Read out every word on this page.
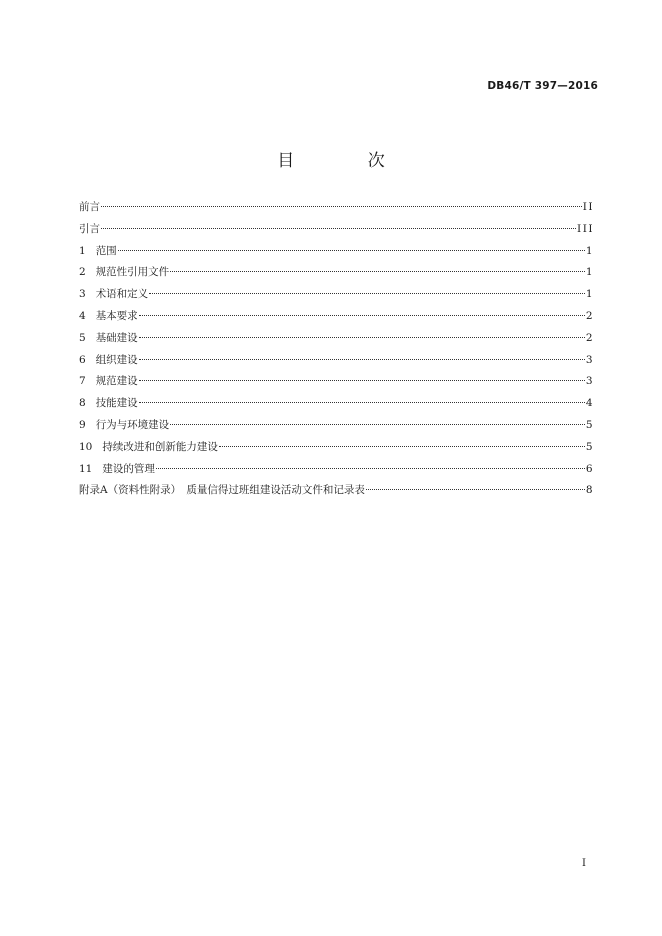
DB46/T 397—2016
目 次
前言	II
引言	III
1 范围	1
2 规范性引用文件	1
3 术语和定义	1
4 基本要求	2
5 基础建设	2
6 组织建设	3
7 规范建设	3
8 技能建设	4
9 行为与环境建设	5
10 持续改进和创新能力建设	5
11 建设的管理	6
附录A（资料性附录）　质量信得过班组建设活动文件和记录表	8
I
